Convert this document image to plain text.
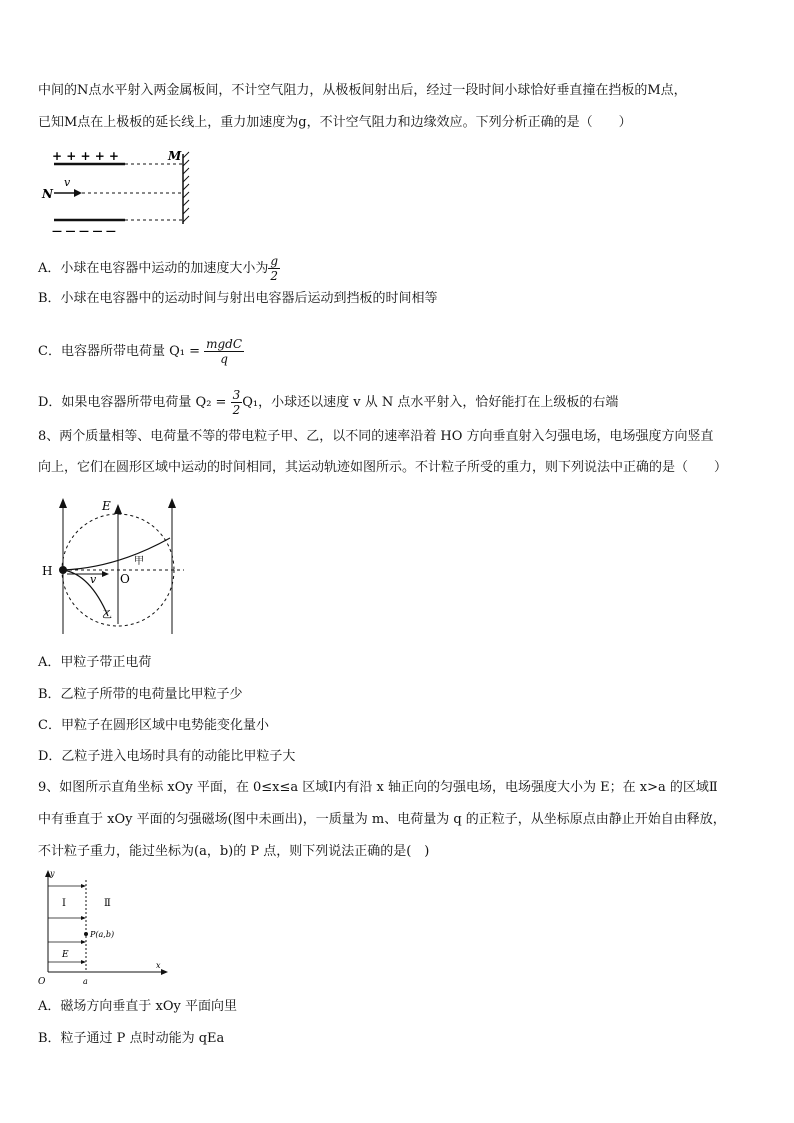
中间的N点水平射入两金属板间，不计空气阻力，从极板间射出后，经过一段时间小球恰好垂直撞在挡板的M点，
已知M点在上极板的延长线上，重力加速度为g，不计空气阻力和边缘效应。下列分析正确的是（　　）
+ + + + +	M
N
v
— — — — —
A．小球在电容器中运动的加速度大小为 $\frac{g}{2}$
B．小球在电容器中的运动时间与射出电容器后运动到挡板的时间相等
C．电容器所带电荷量 $Q_1 = \frac{\text{mgdC}}{q}$
D．如果电容器所带电荷量 $Q_2 = \frac{3}{2} Q_1$，小球还以速度 v 从 N 点水平射入，恰好能打在上级板的右端
8、两个质量相等、电荷量不等的带电粒子甲、乙，以不同的速率沿着 HO 方向垂直射入匀强电场，电场强度方向竖直
向上，它们在圆形区域中运动的时间相同，其运动轨迹如图所示。不计粒子所受的重力，则下列说法中正确的是（　　）
E
H
v O
甲
乙
A．甲粒子带正电荷
B．乙粒子所带的电荷量比甲粒子少
C．甲粒子在圆形区域中电势能变化量小
D．乙粒子进入电场时具有的动能比甲粒子大
9、如图所示直角坐标 xOy 平面，在 0≤x≤a 区域Ⅰ内有沿 x 轴正向的匀强电场，电场强度大小为 E；在 x>a 的区域Ⅱ
中有垂直于 xOy 平面的匀强磁场(图中未画出)，一质量为 m、电荷量为 q 的正粒子，从坐标原点由静止开始自由释放，
不计粒子重力，能过坐标为(a，b)的 P 点，则下列说法正确的是(　)
y
x
O	a
Ⅰ	Ⅱ
E
P(a,b)
A．磁场方向垂直于 xOy 平面向里
B．粒子通过 P 点时动能为 qEa
